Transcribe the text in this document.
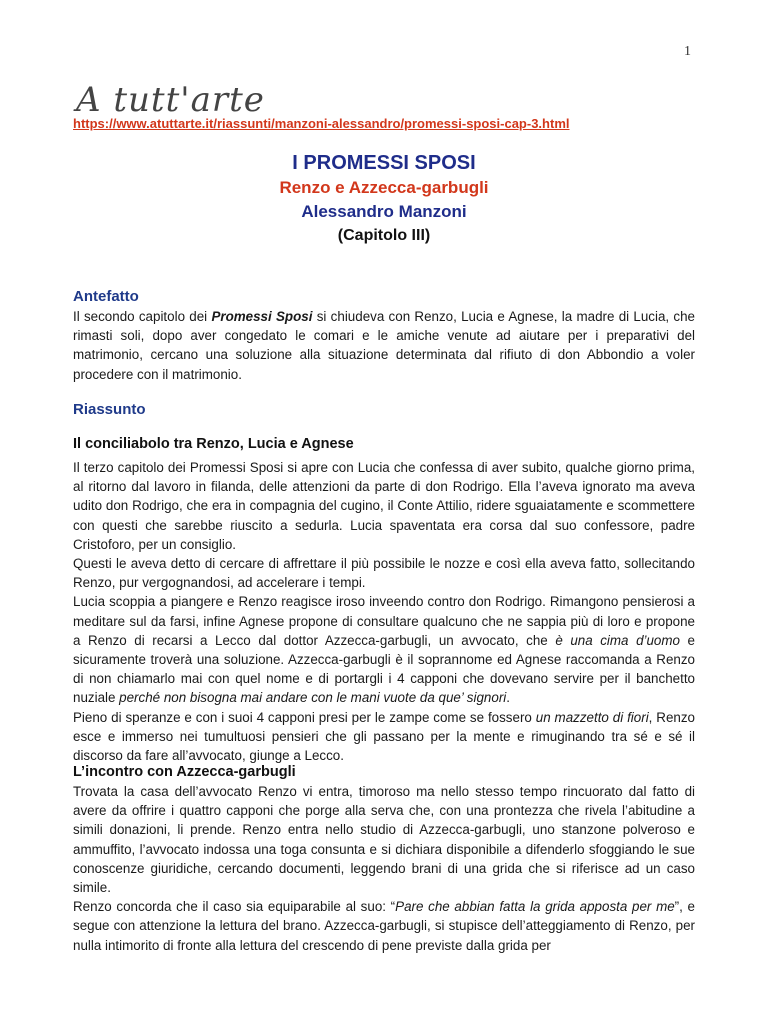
1
A tutt'arte
https://www.atuttarte.it/riassunti/manzoni-alessandro/promessi-sposi-cap-3.html

I PROMESSI SPOSI

Renzo e Azzecca-garbugli

Alessandro Manzoni

(Capitolo III)

Antefatto

Il secondo capitolo dei Promessi Sposi si chiudeva con Renzo, Lucia e Agnese, la madre di Lucia, che rimasti soli, dopo aver congedato le comari e le amiche venute ad aiutare per i preparativi del matrimonio, cercano una soluzione alla situazione determinata dal rifiuto di don Abbondio a voler procedere con il matrimonio.

Riassunto

Il conciliabolo tra Renzo, Lucia e Agnese

Il terzo capitolo dei Promessi Sposi si apre con Lucia che confessa di aver subito, qualche giorno prima, al ritorno dal lavoro in filanda, delle attenzioni da parte di don Rodrigo. Ella l’aveva ignorato ma aveva udito don Rodrigo, che era in compagnia del cugino, il Conte Attilio, ridere sguaiatamente e scommettere con questi che sarebbe riuscito a sedurla. Lucia spaventata era corsa dal suo confessore, padre Cristoforo, per un consiglio.

Questi le aveva detto di cercare di affrettare il più possibile le nozze e così ella aveva fatto, sollecitando Renzo, pur vergognandosi, ad accelerare i tempi.

Lucia scoppia a piangere e Renzo reagisce iroso inveendo contro don Rodrigo. Rimangono pensierosi a meditare sul da farsi, infine Agnese propone di consultare qualcuno che ne sappia più di loro e propone a Renzo di recarsi a Lecco dal dottor Azzecca-garbugli, un avvocato, che è una cima d’uomo e sicuramente troverà una soluzione. Azzecca-garbugli è il soprannome ed Agnese raccomanda a Renzo di non chiamarlo mai con quel nome e di portargli i 4 capponi che dovevano servire per il banchetto nuziale perché non bisogna mai andare con le mani vuote da que’ signori.

Pieno di speranze e con i suoi 4 capponi presi per le zampe come se fossero un mazzetto di fiori, Renzo esce e immerso nei tumultuosi pensieri che gli passano per la mente e rimuginando tra sé e sé il discorso da fare all’avvocato, giunge a Lecco.

L’incontro con Azzecca-garbugli

Trovata la casa dell’avvocato Renzo vi entra, timoroso ma nello stesso tempo rincuorato dal fatto di avere da offrire i quattro capponi che porge alla serva che, con una prontezza che rivela l’abitudine a simili donazioni, li prende. Renzo entra nello studio di Azzecca-garbugli, uno stanzone polveroso e ammuffito, l’avvocato indossa una toga consunta e si dichiara disponibile a difenderlo sfoggiando le sue conoscenze giuridiche, cercando documenti, leggendo brani di una grida che si riferisce ad un caso simile.

Renzo concorda che il caso sia equiparabile al suo: “Pare che abbian fatta la grida apposta per me”, e segue con attenzione la lettura del brano. Azzecca-garbugli, si stupisce dell’atteggiamento di Renzo, per nulla intimorito di fronte alla lettura del crescendo di pene previste dalla grida per
